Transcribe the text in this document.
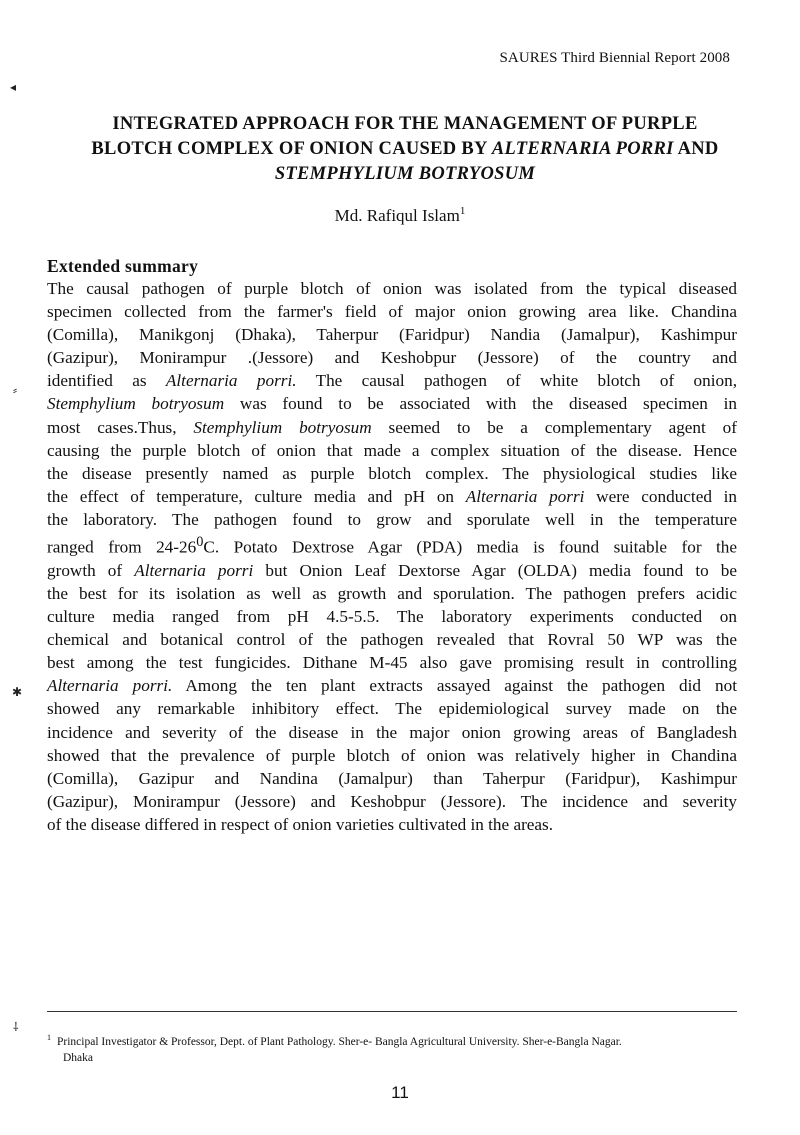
◂
⸗
✱
⸸
SAURES Third Biennial Report 2008
INTEGRATED APPROACH FOR THE MANAGEMENT OF PURPLE
BLOTCH COMPLEX OF ONION CAUSED BY ALTERNARIA PORRI AND
STEMPHYLIUM BOTRYOSUM
Md. Rafiqul Islam$^1$
Extended summary
The causal pathogen of purple blotch of onion was isolated from the typical diseased
specimen collected from the farmer's field of major onion growing area like. Chandina
(Comilla), Manikgonj (Dhaka), Taherpur (Faridpur) Nandia (Jamalpur), Kashimpur
(Gazipur), Monirampur .(Jessore) and Keshobpur (Jessore) of the country and
identified as Alternaria porri. The causal pathogen of white blotch of onion,
Stemphylium botryosum was found to be associated with the diseased specimen in
most cases.Thus, Stemphylium botryosum seemed to be a complementary agent of
causing the purple blotch of onion that made a complex situation of the disease. Hence
the disease presently named as purple blotch complex. The physiological studies like
the effect of temperature, culture media and pH on Alternaria porri were conducted in
the laboratory. The pathogen found to grow and sporulate well in the temperature
ranged from $24-26^0C$. Potato Dextrose Agar (PDA) media is found suitable for the
growth of Alternaria porri but Onion Leaf Dextorse Agar (OLDA) media found to be
the best for its isolation as well as growth and sporulation. The pathogen prefers acidic
culture media ranged from pH 4.5-5.5. The laboratory experiments conducted on
chemical and botanical control of the pathogen revealed that Rovral 50 WP was the
best among the test fungicides. Dithane M-45 also gave promising result in controlling
Alternaria porri. Among the ten plant extracts assayed against the pathogen did not
showed any remarkable inhibitory effect. The epidemiological survey made on the
incidence and severity of the disease in the major onion growing areas of Bangladesh
showed that the prevalence of purple blotch of onion was relatively higher in Chandina
(Comilla), Gazipur and Nandina (Jamalpur) than Taherpur (Faridpur), Kashimpur
(Gazipur), Monirampur (Jessore) and Keshobpur (Jessore). The incidence and severity
of the disease differed in respect of onion varieties cultivated in the areas.
$^1$ Principal Investigator & Professor, Dept. of Plant Pathology. Sher-e- Bangla Agricultural University. Sher-e-Bangla Nagar.
Dhaka
11
